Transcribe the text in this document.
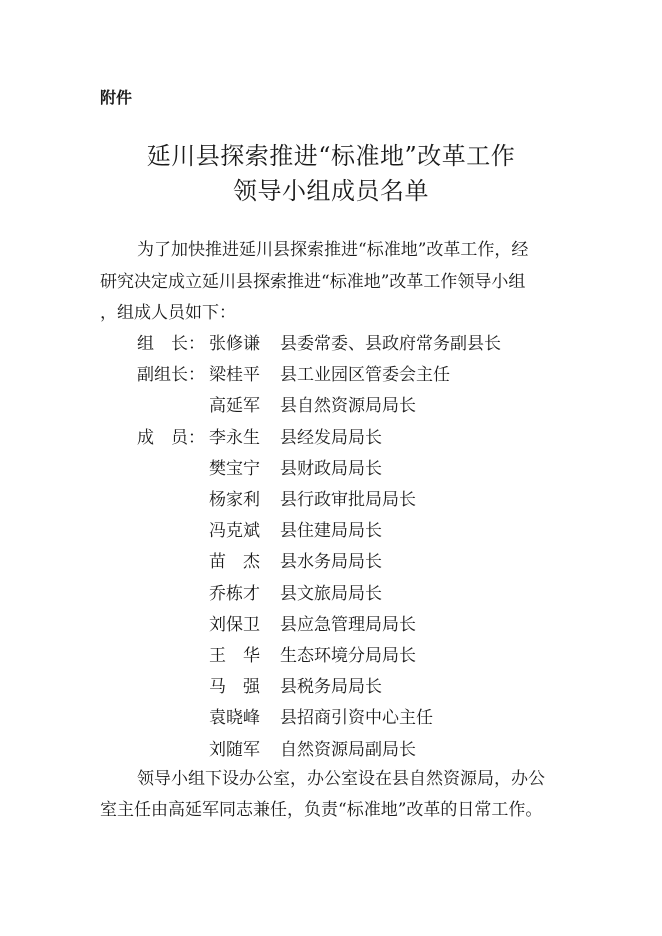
附件
延川县探索推进“标准地”改革工作
领导小组成员名单
为了加快推进延川县探索推进“标准地”改革工作，经
研究决定成立延川县探索推进“标准地”改革工作领导小组
，组成人员如下：
组　长： 张修谦 县委常委、县政府常务副县长
副组长： 梁桂平 县工业园区管委会主任
高延军 县自然资源局局长
成　员： 李永生 县经发局局长
樊宝宁 县财政局局长
杨家利 县行政审批局局长
冯克斌 县住建局局长
苗　杰 县水务局局长
乔栋才 县文旅局局长
刘保卫 县应急管理局局长
王　华 生态环境分局局长
马　强 县税务局局长
袁晓峰 县招商引资中心主任
刘随军 自然资源局副局长
领导小组下设办公室，办公室设在县自然资源局，办公
室主任由高延军同志兼任，负责“标准地”改革的日常工作。
